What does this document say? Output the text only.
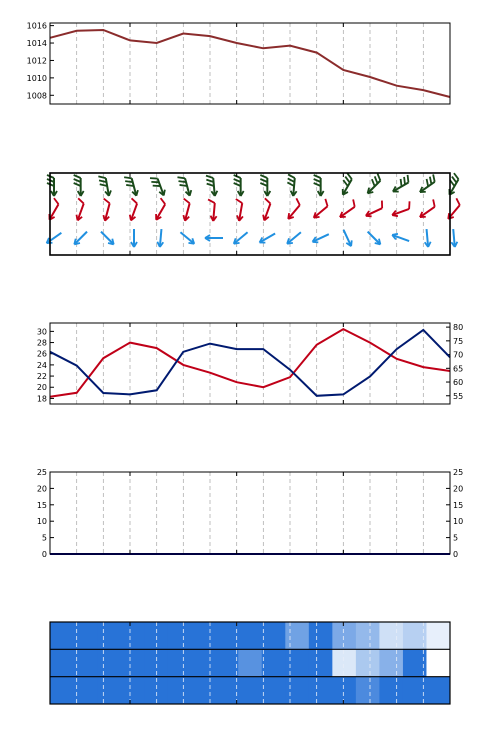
1008
1010
1012
1014
1016
18
20
22
24
26
28
30
55
60
65
70
75
80
0	0
5	5
10	10
15	15
20	20
25	25
